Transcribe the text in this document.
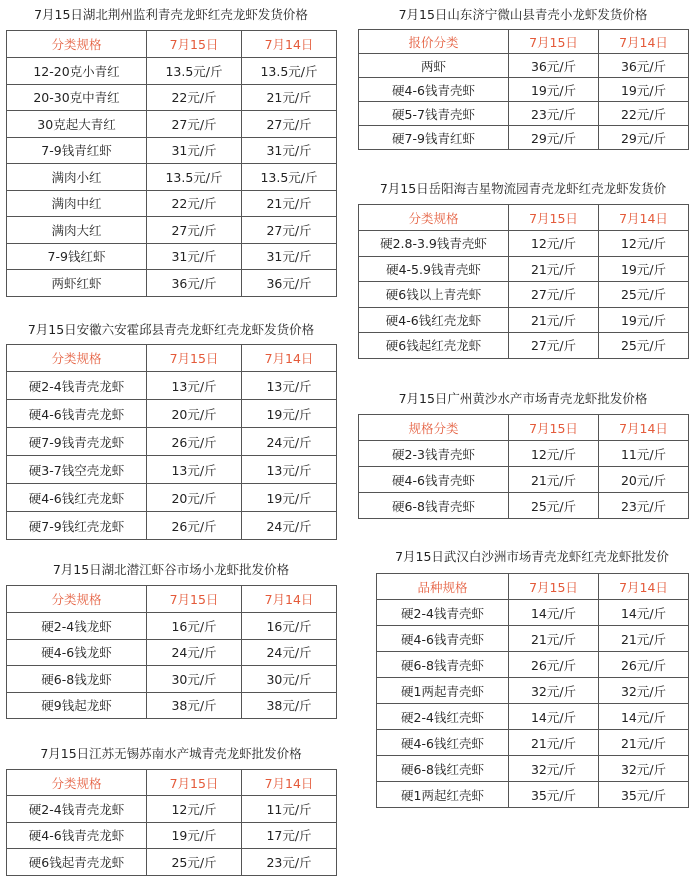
7月15日湖北荆州监利青壳龙虾红壳龙虾发货价格
分类规格	7月15日	7月14日
12-20克小青红	13.5元/斤	13.5元/斤
20-30克中青红	22元/斤	21元/斤
30克起大青红	27元/斤	27元/斤
7-9钱青红虾	31元/斤	31元/斤
满肉小红	13.5元/斤	13.5元/斤
满肉中红	22元/斤	21元/斤
满肉大红	27元/斤	27元/斤
7-9钱红虾	31元/斤	31元/斤
两虾红虾	36元/斤	36元/斤
7月15日安徽六安霍邱县青壳龙虾红壳龙虾发货价格
分类规格	7月15日	7月14日
硬2-4钱青壳龙虾	13元/斤	13元/斤
硬4-6钱青壳龙虾	20元/斤	19元/斤
硬7-9钱青壳龙虾	26元/斤	24元/斤
硬3-7钱空壳龙虾	13元/斤	13元/斤
硬4-6钱红壳龙虾	20元/斤	19元/斤
硬7-9钱红壳龙虾	26元/斤	24元/斤
7月15日湖北潜江虾谷市场小龙虾批发价格
分类规格	7月15日	7月14日
硬2-4钱龙虾	16元/斤	16元/斤
硬4-6钱龙虾	24元/斤	24元/斤
硬6-8钱龙虾	30元/斤	30元/斤
硬9钱起龙虾	38元/斤	38元/斤
7月15日江苏无锡苏南水产城青壳龙虾批发价格
分类规格	7月15日	7月14日
硬2-4钱青壳龙虾	12元/斤	11元/斤
硬4-6钱青壳龙虾	19元/斤	17元/斤
硬6钱起青壳龙虾	25元/斤	23元/斤
7月15日山东济宁微山县青壳小龙虾发货价格
报价分类	7月15日	7月14日
两虾	36元/斤	36元/斤
硬4-6钱青壳虾	19元/斤	19元/斤
硬5-7钱青壳虾	23元/斤	22元/斤
硬7-9钱青红虾	29元/斤	29元/斤
7月15日岳阳海吉星物流园青壳龙虾红壳龙虾发货价
分类规格	7月15日	7月14日
硬2.8-3.9钱青壳虾	12元/斤	12元/斤
硬4-5.9钱青壳虾	21元/斤	19元/斤
硬6钱以上青壳虾	27元/斤	25元/斤
硬4-6钱红壳龙虾	21元/斤	19元/斤
硬6钱起红壳龙虾	27元/斤	25元/斤
7月15日广州黄沙水产市场青壳龙虾批发价格
规格分类	7月15日	7月14日
硬2-3钱青壳虾	12元/斤	11元/斤
硬4-6钱青壳虾	21元/斤	20元/斤
硬6-8钱青壳虾	25元/斤	23元/斤
7月15日武汉白沙洲市场青壳龙虾红壳龙虾批发价
品种规格	7月15日	7月14日
硬2-4钱青壳虾	14元/斤	14元/斤
硬4-6钱青壳虾	21元/斤	21元/斤
硬6-8钱青壳虾	26元/斤	26元/斤
硬1两起青壳虾	32元/斤	32元/斤
硬2-4钱红壳虾	14元/斤	14元/斤
硬4-6钱红壳虾	21元/斤	21元/斤
硬6-8钱红壳虾	32元/斤	32元/斤
硬1两起红壳虾	35元/斤	35元/斤
